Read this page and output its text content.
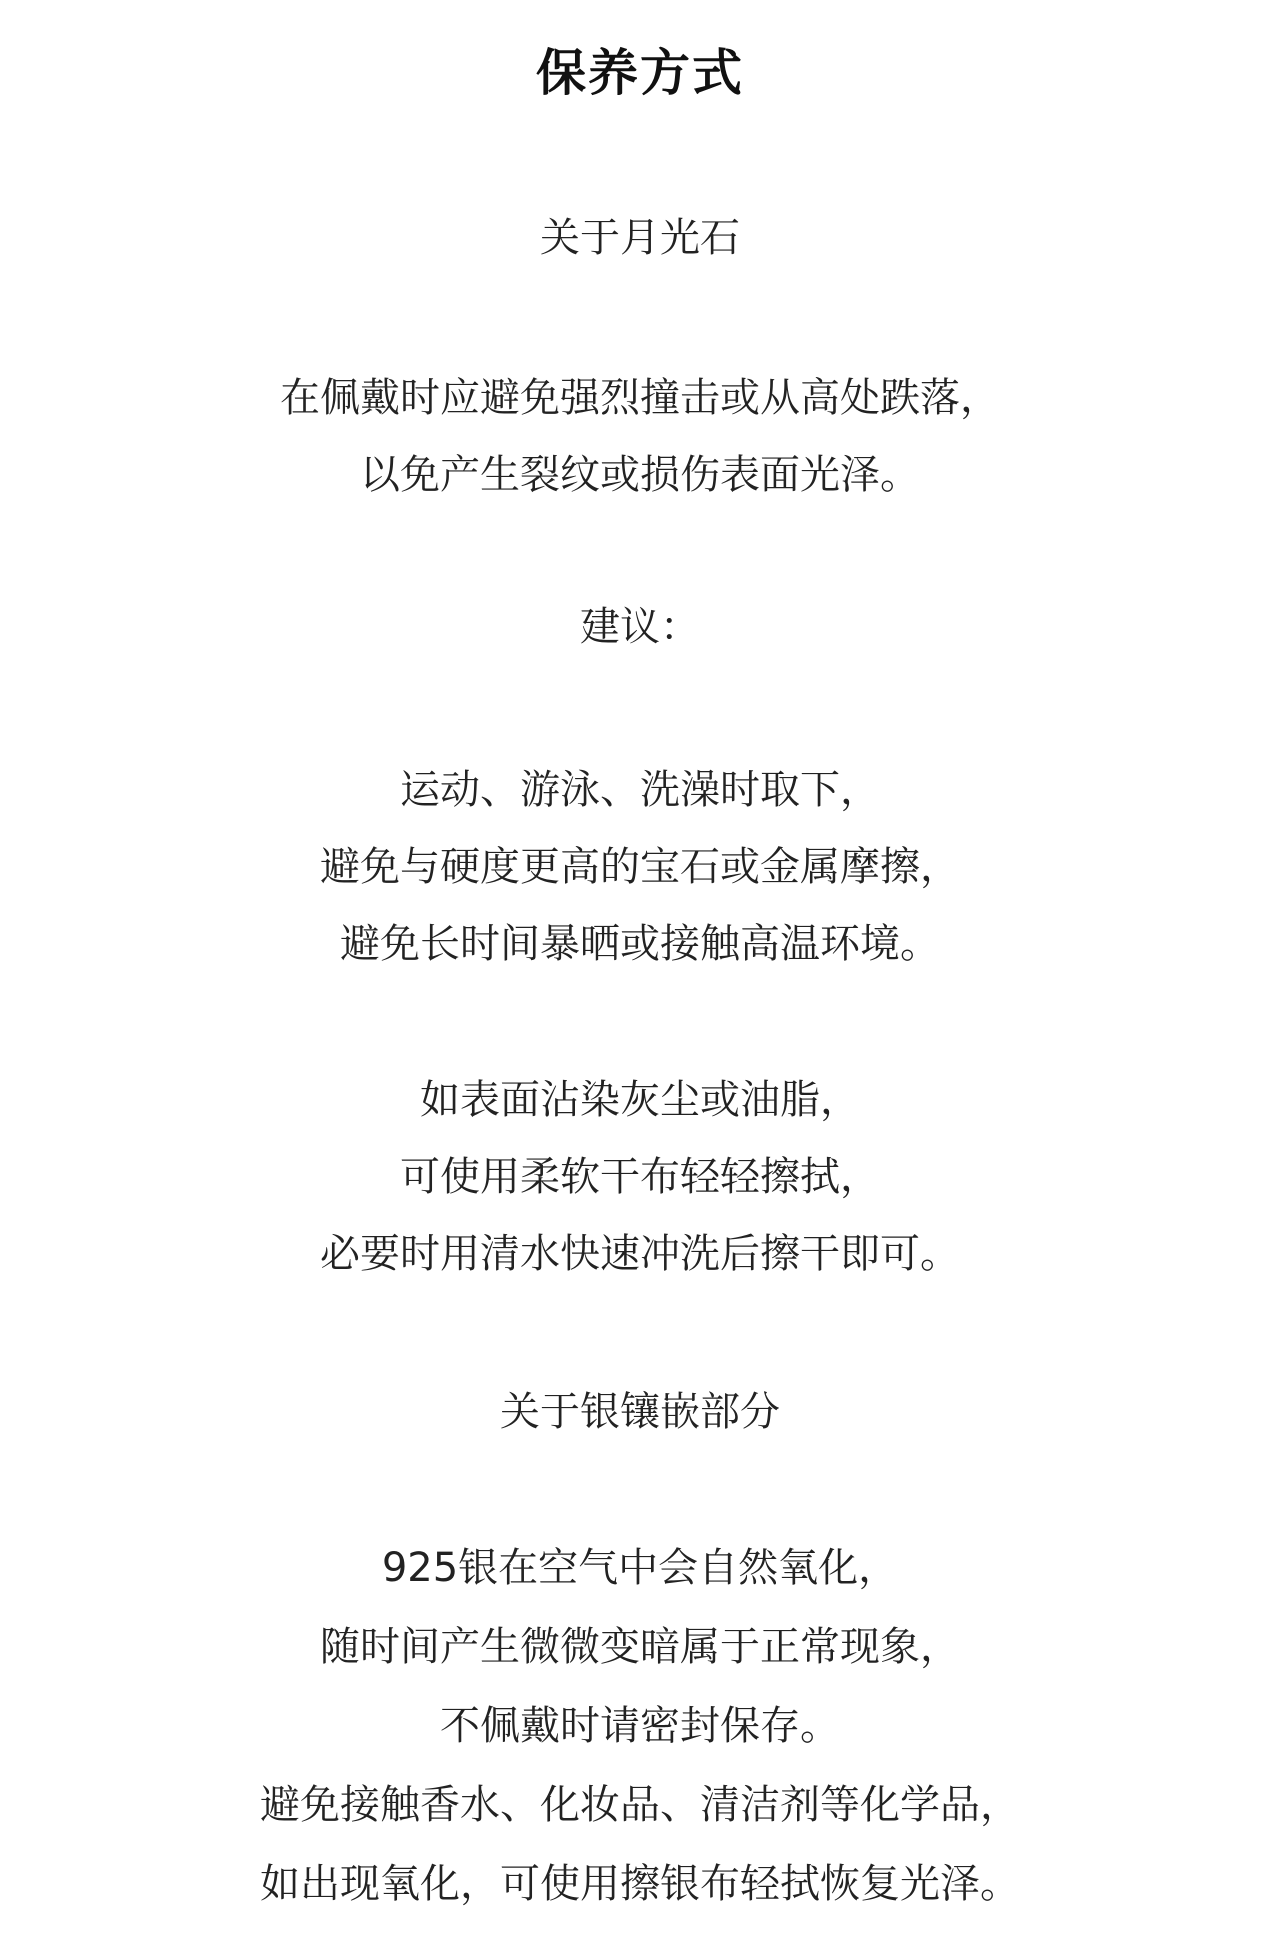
保养方式
关于月光石
在佩戴时应避免强烈撞击或从高处跌落，
以免产生裂纹或损伤表面光泽。
建议：
运动、游泳、洗澡时取下，
避免与硬度更高的宝石或金属摩擦，
避免长时间暴晒或接触高温环境。
如表面沾染灰尘或油脂，
可使用柔软干布轻轻擦拭，
必要时用清水快速冲洗后擦干即可。
关于银镶嵌部分
925银在空气中会自然氧化，
随时间产生微微变暗属于正常现象，
不佩戴时请密封保存。
避免接触香水、化妆品、清洁剂等化学品，
如出现氧化，可使用擦银布轻拭恢复光泽。
